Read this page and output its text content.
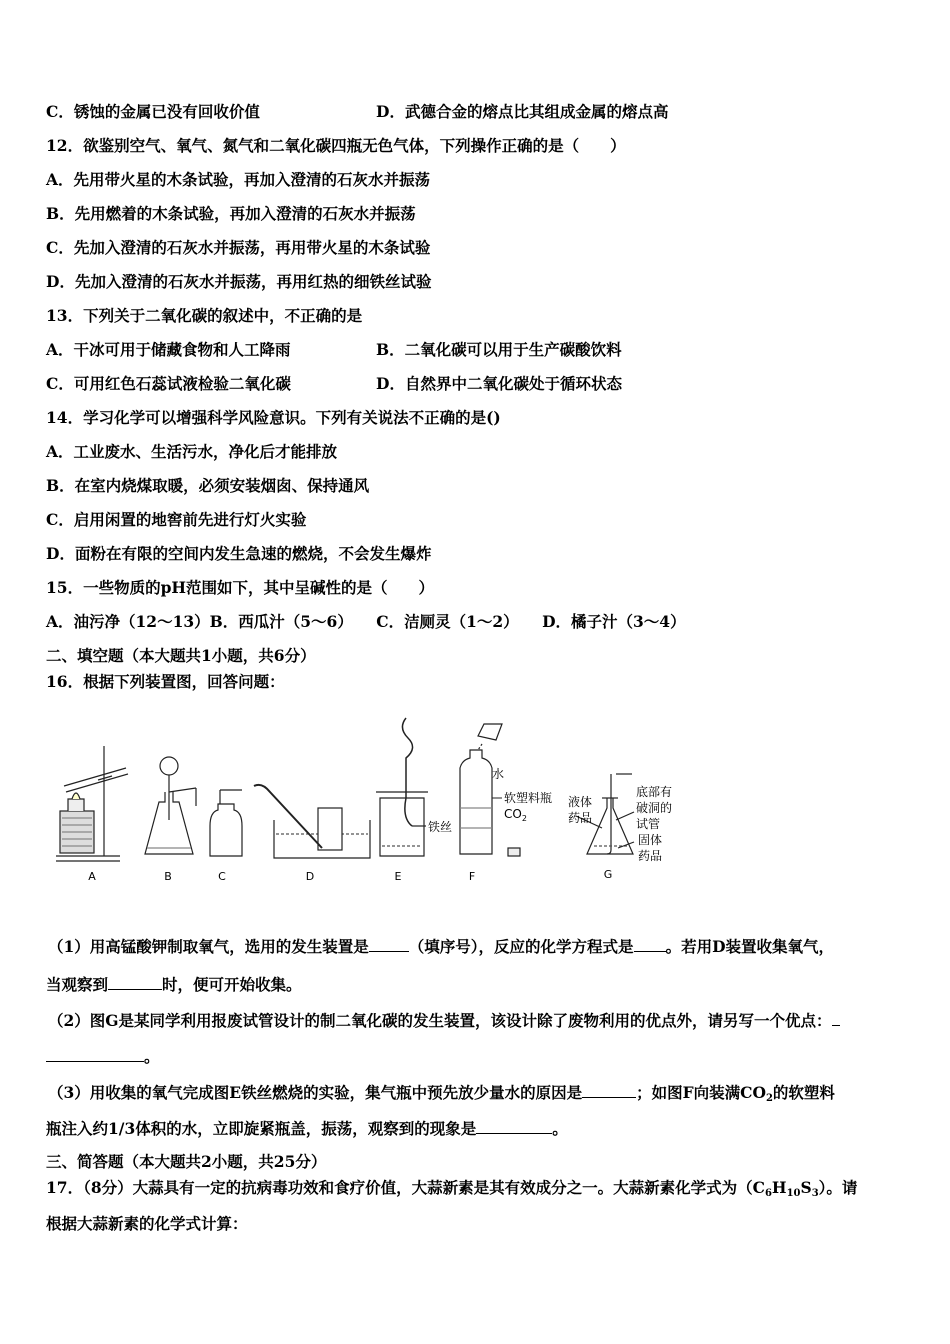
C．锈蚀的金属已没有回收价值	D．武德合金的熔点比其组成金属的熔点高
12．欲鉴别空气、氧气、氮气和二氧化碳四瓶无色气体，下列操作正确的是（　　）
A．先用带火星的木条试验，再加入澄清的石灰水并振荡
B．先用燃着的木条试验，再加入澄清的石灰水并振荡
C．先加入澄清的石灰水并振荡，再用带火星的木条试验
D．先加入澄清的石灰水并振荡，再用红热的细铁丝试验
13．下列关于二氧化碳的叙述中，不正确的是
A．干冰可用于储藏食物和人工降雨	B．二氧化碳可以用于生产碳酸饮料
C．可用红色石蕊试液检验二氧化碳	D．自然界中二氧化碳处于循环状态
14．学习化学可以增强科学风险意识。下列有关说法不正确的是()
A．工业废水、生活污水，净化后才能排放
B．在室内烧煤取暖，必须安装烟囱、保持通风
C．启用闲置的地窖前先进行灯火实验
D．面粉在有限的空间内发生急速的燃烧，不会发生爆炸
15．一些物质的pH范围如下，其中呈碱性的是（　　）
A．油污净（12～13）B．西瓜汁（5～6） C．洁厕灵（1～2） D．橘子汁（3～4）
二、填空题（本大题共1小题，共6分）
16．根据下列装置图，回答问题：
A	B	C	D	E	F	G
铁丝
水
软塑料瓶
$CO_2$
液体
药品
底部有
破洞的
试管
固体
药品
（1）用高锰酸钾制取氧气，选用的发生装置是	（填序号），反应的化学方程式是 。若用D装置收集氧气，
当观察到	时，便可开始收集。
（2）图G是某同学利用报废试管设计的制二氧化碳的发生装置，该设计除了废物利用的优点外，请另写一个优点：
。
（3）用收集的氧气完成图E铁丝燃烧的实验，集气瓶中预先放少量水的原因是	；如图F向装满$CO_2$的软塑料
瓶注入约1/3体积的水，立即旋紧瓶盖，振荡，观察到的现象是	。
三、简答题（本大题共2小题，共25分）
17．（8分）大蒜具有一定的抗病毒功效和食疗价值，大蒜新素是其有效成分之一。大蒜新素化学式为$(C_6H_{10}S_3)$。请
根据大蒜新素的化学式计算：
